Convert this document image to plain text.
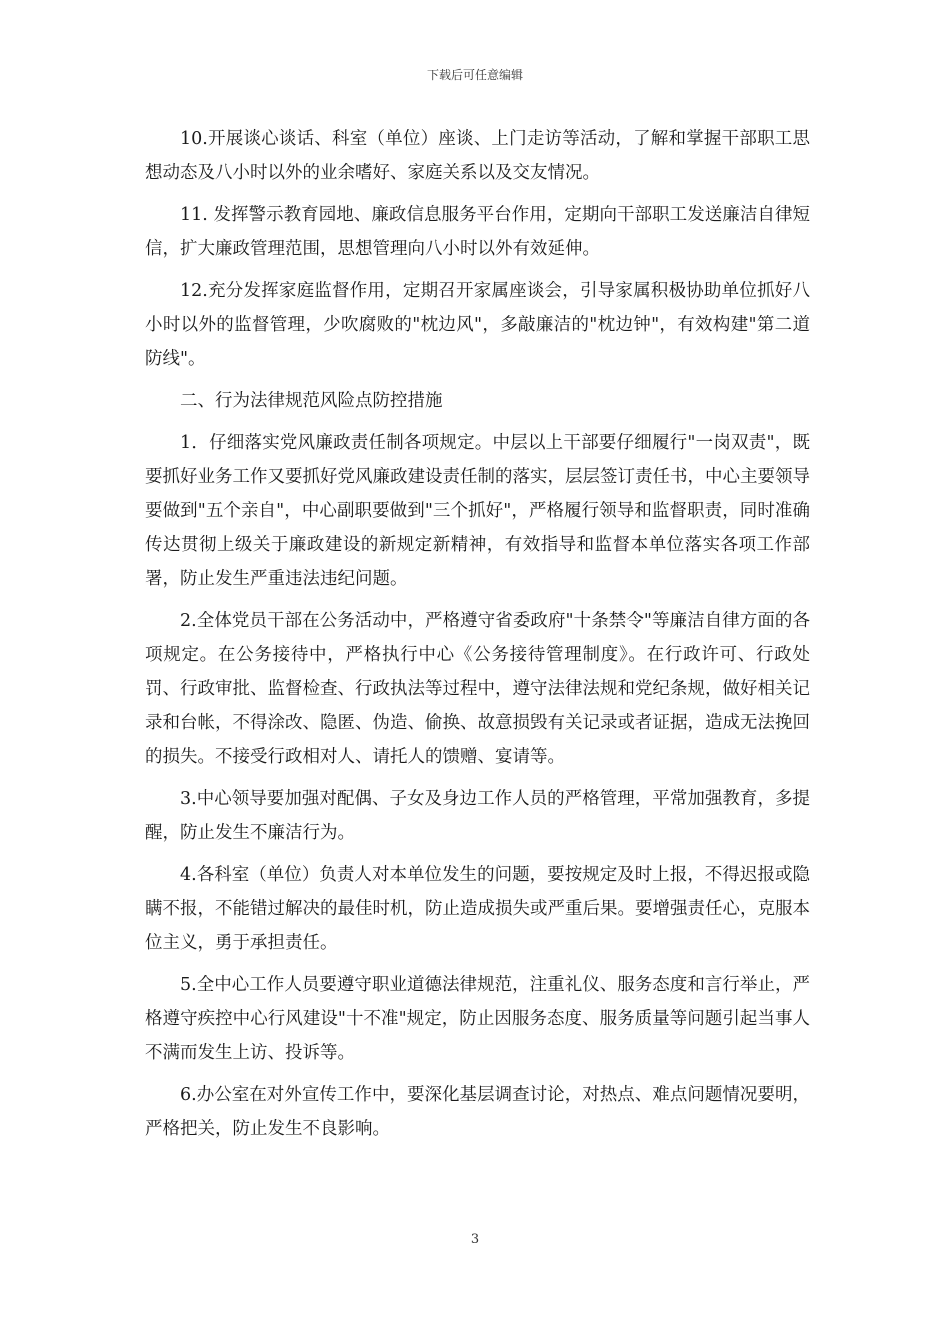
下载后可任意编辑

10.开展谈心谈话、科室（单位）座谈、上门走访等活动，了解和掌握干部职工思想动态及八小时以外的业余嗜好、家庭关系以及交友情况。

11. 发挥警示教育园地、廉政信息服务平台作用，定期向干部职工发送廉洁自律短信，扩大廉政管理范围，思想管理向八小时以外有效延伸。

12.充分发挥家庭监督作用，定期召开家属座谈会，引导家属积极协助单位抓好八小时以外的监督管理，少吹腐败的"枕边风"，多敲廉洁的"枕边钟"，有效构建"第二道防线"。

二、行为法律规范风险点防控措施

1．仔细落实党风廉政责任制各项规定。中层以上干部要仔细履行"一岗双责"，既要抓好业务工作又要抓好党风廉政建设责任制的落实，层层签订责任书，中心主要领导要做到"五个亲自"，中心副职要做到"三个抓好"，严格履行领导和监督职责，同时准确传达贯彻上级关于廉政建设的新规定新精神，有效指导和监督本单位落实各项工作部署，防止发生严重违法违纪问题。

2.全体党员干部在公务活动中，严格遵守省委政府"十条禁令"等廉洁自律方面的各项规定。在公务接待中，严格执行中心《公务接待管理制度》。在行政许可、行政处罚、行政审批、监督检查、行政执法等过程中，遵守法律法规和党纪条规，做好相关记录和台帐，不得涂改、隐匿、伪造、偷换、故意损毁有关记录或者证据，造成无法挽回的损失。不接受行政相对人、请托人的馈赠、宴请等。

3.中心领导要加强对配偶、子女及身边工作人员的严格管理，平常加强教育，多提醒，防止发生不廉洁行为。

4.各科室（单位）负责人对本单位发生的问题，要按规定及时上报，不得迟报或隐瞒不报，不能错过解决的最佳时机，防止造成损失或严重后果。要增强责任心，克服本位主义，勇于承担责任。

5.全中心工作人员要遵守职业道德法律规范，注重礼仪、服务态度和言行举止，严格遵守疾控中心行风建设"十不准"规定，防止因服务态度、服务质量等问题引起当事人不满而发生上访、投诉等。

6.办公室在对外宣传工作中，要深化基层调查讨论，对热点、难点问题情况要明，严格把关，防止发生不良影响。

3
